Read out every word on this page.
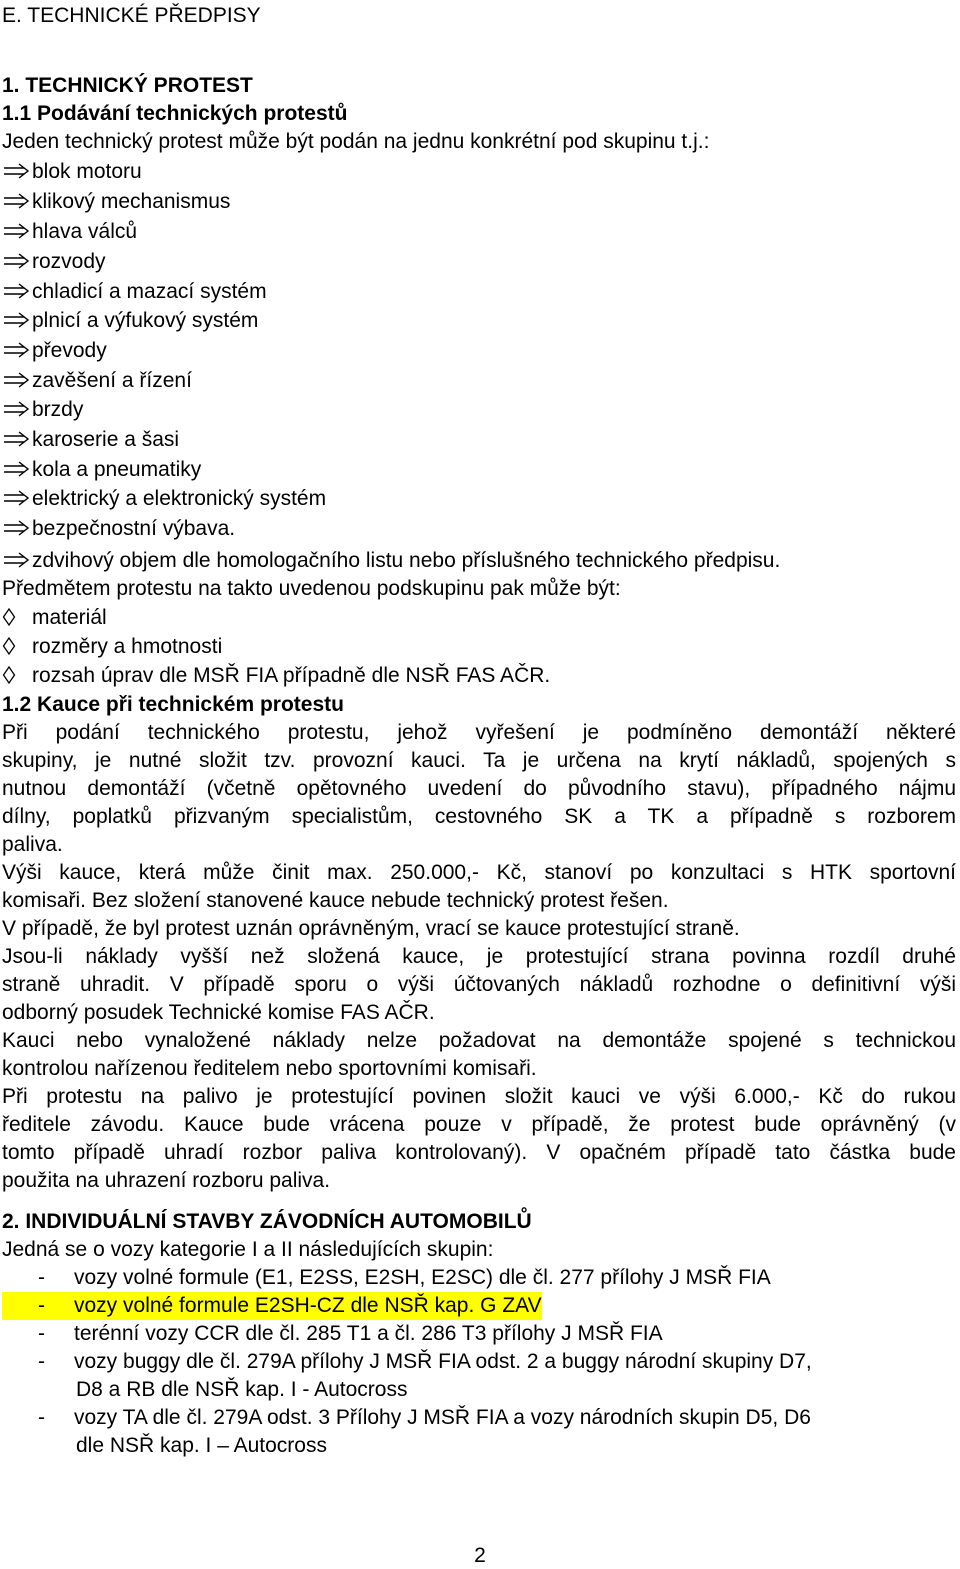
E. TECHNICKÉ PŘEDPISY
1. TECHNICKÝ PROTEST
1.1 Podávání technických protestů
Jeden technický protest může být podán na jednu konkrétní pod skupinu t.j.:
blok motoru
klikový mechanismus
hlava válců
rozvody
chladicí a mazací systém
plnicí a výfukový systém
převody
zavěšení a řízení
brzdy
karoserie a šasi
kola a pneumatiky
elektrický a elektronický systém
bezpečnostní výbava.
zdvihový objem dle homologačního listu nebo příslušného technického předpisu.
Předmětem protestu na takto uvedenou podskupinu pak může být:
materiál
rozměry a hmotnosti
rozsah úprav dle MSŘ FIA případně dle NSŘ FAS AČR.
1.2 Kauce při technickém protestu
Při podání technického protestu, jehož vyřešení je podmíněno demontáží některé
skupiny, je nutné složit tzv. provozní kauci. Ta je určena na krytí nákladů, spojených s
nutnou demontáží (včetně opětovného uvedení do původního stavu), případného nájmu
dílny, poplatků přizvaným specialistům, cestovného SK a TK a případně s rozborem
paliva.
Výši kauce, která může činit max. 250.000,- Kč, stanoví po konzultaci s HTK sportovní
komisaři. Bez složení stanovené kauce nebude technický protest řešen.
V případě, že byl protest uznán oprávněným, vrací se kauce protestující straně.
Jsou-li náklady vyšší než složená kauce, je protestující strana povinna rozdíl druhé
straně uhradit. V případě sporu o výši účtovaných nákladů rozhodne o definitivní výši
odborný posudek Technické komise FAS AČR.
Kauci nebo vynaložené náklady nelze požadovat na demontáže spojené s technickou
kontrolou nařízenou ředitelem nebo sportovními komisaři.
Při protestu na palivo je protestující povinen složit kauci ve výši 6.000,- Kč do rukou
ředitele závodu. Kauce bude vrácena pouze v případě, že protest bude oprávněný (v
tomto případě uhradí rozbor paliva kontrolovaný). V opačném případě tato částka bude
použita na uhrazení rozboru paliva.
2. INDIVIDUÁLNÍ STAVBY ZÁVODNÍCH AUTOMOBILŮ
Jedná se o vozy kategorie I a II následujících skupin:
- vozy volné formule (E1, E2SS, E2SH, E2SC) dle čl. 277 přílohy J MSŘ FIA
- vozy volné formule E2SH-CZ dle NSŘ kap. G ZAV
- terénní vozy CCR dle čl. 285 T1 a čl. 286 T3 přílohy J MSŘ FIA
- vozy buggy dle čl. 279A přílohy J MSŘ FIA odst. 2 a buggy národní skupiny D7,
D8 a RB dle NSŘ kap. I - Autocross
- vozy TA dle čl. 279A odst. 3 Přílohy J MSŘ FIA a vozy národních skupin D5, D6
dle NSŘ kap. I – Autocross
2
